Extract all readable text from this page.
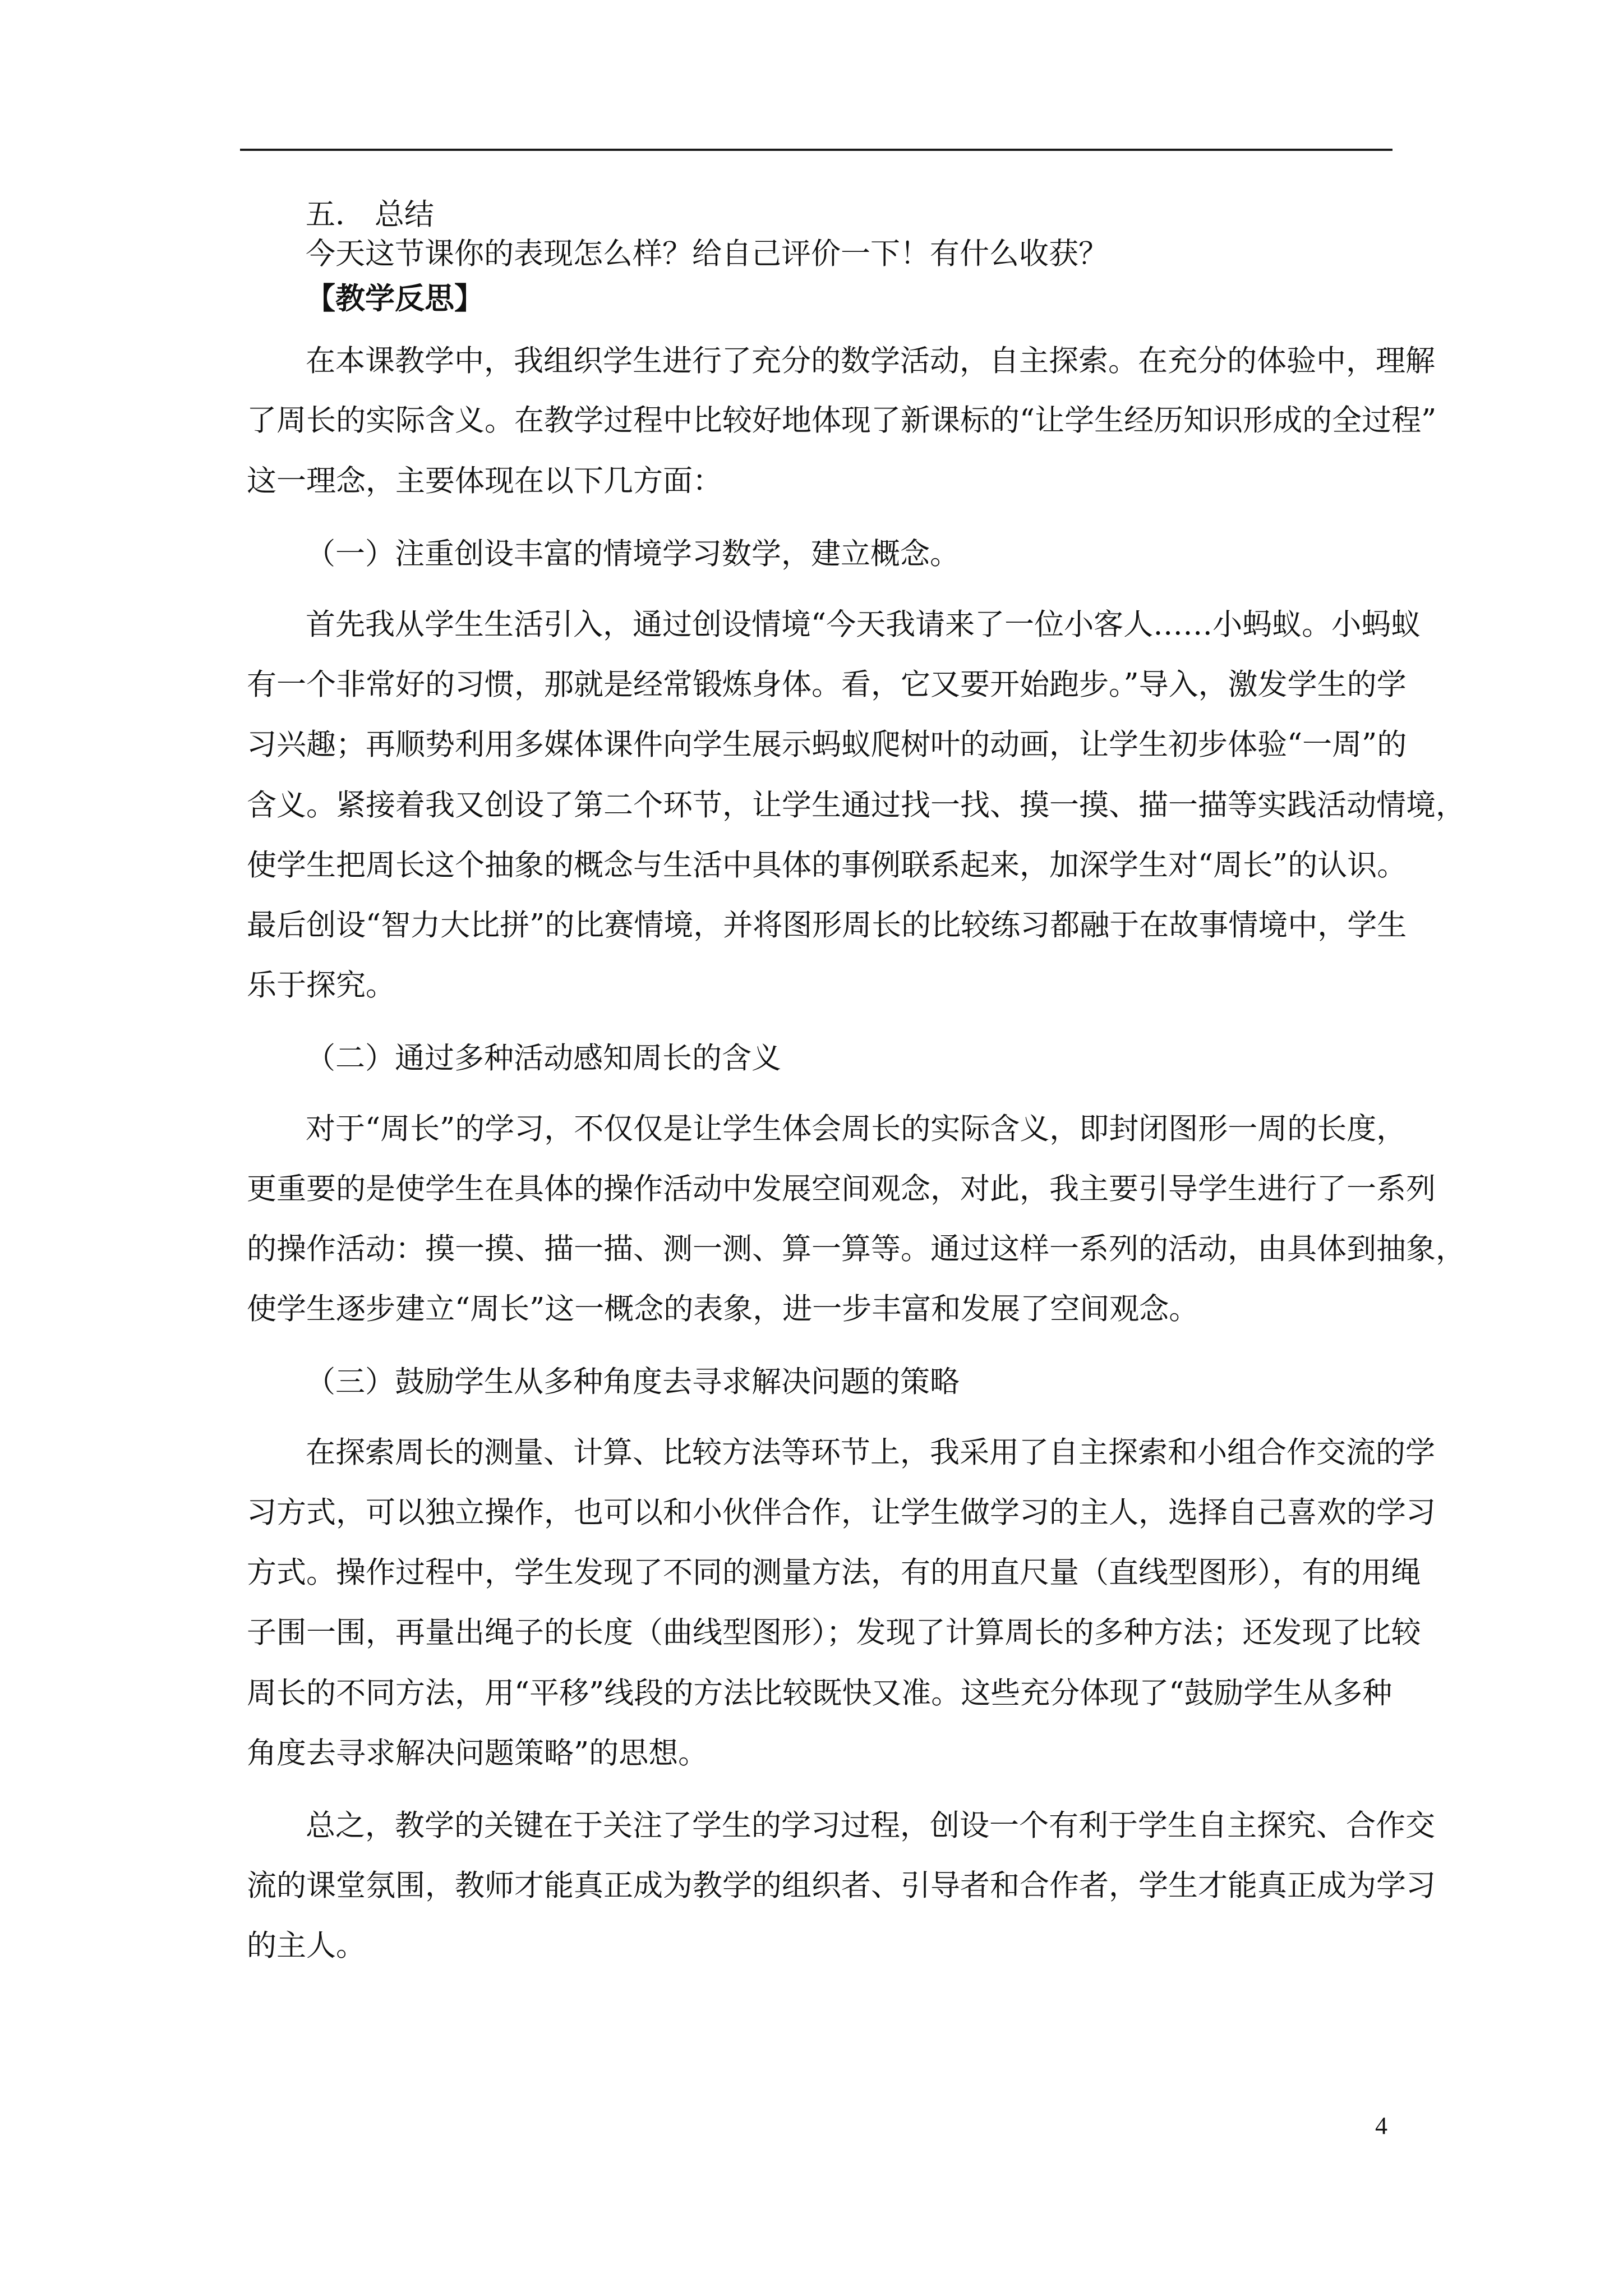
五． 总结
今天这节课你的表现怎么样？给自己评价一下！有什么收获？
【教学反思】
在本课教学中，我组织学生进行了充分的数学活动，自主探索。在充分的体验中，理解
了周长的实际含义。在教学过程中比较好地体现了新课标的“让学生经历知识形成的全过程”
这一理念，主要体现在以下几方面：
（一）注重创设丰富的情境学习数学，建立概念。
首先我从学生生活引入，通过创设情境“今天我请来了一位小客人……小蚂蚁。小蚂蚁
有一个非常好的习惯，那就是经常锻炼身体。看，它又要开始跑步。”导入，激发学生的学
习兴趣；再顺势利用多媒体课件向学生展示蚂蚁爬树叶的动画，让学生初步体验“一周”的
含义。紧接着我又创设了第二个环节，让学生通过找一找、摸一摸、描一描等实践活动情境，
使学生把周长这个抽象的概念与生活中具体的事例联系起来，加深学生对“周长”的认识。
最后创设“智力大比拼”的比赛情境，并将图形周长的比较练习都融于在故事情境中，学生
乐于探究。
（二）通过多种活动感知周长的含义
对于“周长”的学习，不仅仅是让学生体会周长的实际含义，即封闭图形一周的长度，
更重要的是使学生在具体的操作活动中发展空间观念，对此，我主要引导学生进行了一系列
的操作活动：摸一摸、描一描、测一测、算一算等。通过这样一系列的活动，由具体到抽象，
使学生逐步建立“周长”这一概念的表象，进一步丰富和发展了空间观念。
（三）鼓励学生从多种角度去寻求解决问题的策略
在探索周长的测量、计算、比较方法等环节上，我采用了自主探索和小组合作交流的学
习方式，可以独立操作，也可以和小伙伴合作，让学生做学习的主人，选择自己喜欢的学习
方式。操作过程中，学生发现了不同的测量方法，有的用直尺量（直线型图形），有的用绳
子围一围，再量出绳子的长度（曲线型图形）；发现了计算周长的多种方法；还发现了比较
周长的不同方法，用“平移”线段的方法比较既快又准。这些充分体现了“鼓励学生从多种
角度去寻求解决问题策略”的思想。
总之，教学的关键在于关注了学生的学习过程，创设一个有利于学生自主探究、合作交
流的课堂氛围，教师才能真正成为教学的组织者、引导者和合作者，学生才能真正成为学习
的主人。
4
